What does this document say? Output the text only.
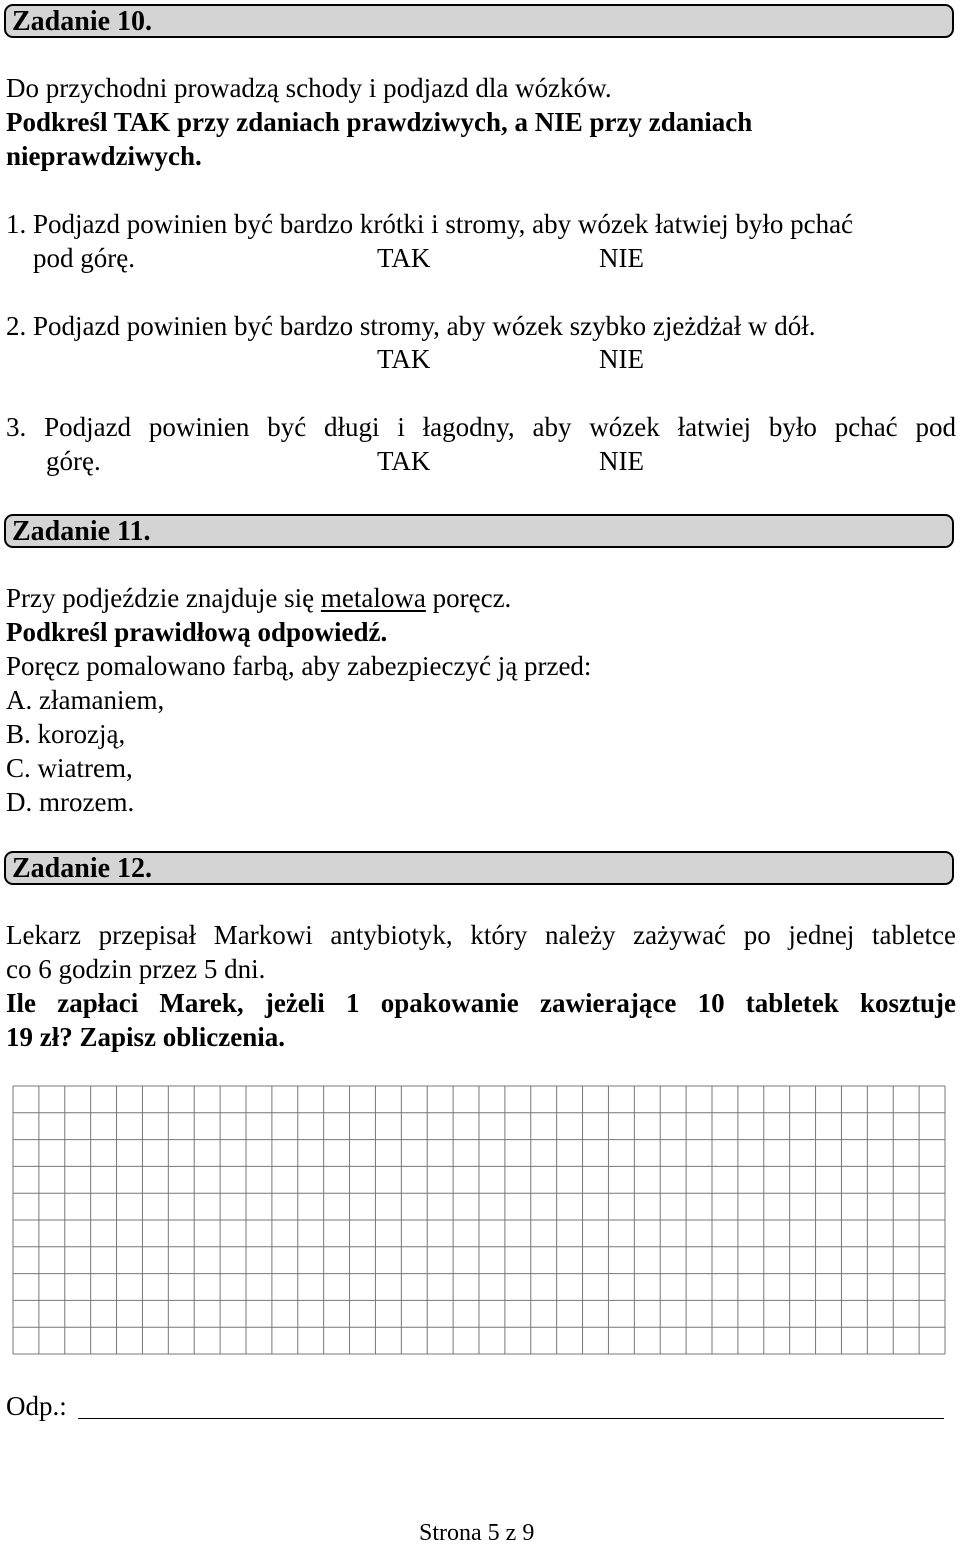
Zadanie 10.
Do przychodni prowadzą schody i podjazd dla wózków.
Podkreśl TAK przy zdaniach prawdziwych, a NIE przy zdaniach
nieprawdziwych.
1. Podjazd powinien być bardzo krótki i stromy, aby wózek łatwiej było pchać
pod górę.	TAK	NIE
2. Podjazd powinien być bardzo stromy, aby wózek szybko zjeżdżał w dół.
TAK	NIE
3. Podjazd powinien być długi i łagodny, aby wózek łatwiej było pchać pod
górę.	TAK	NIE
Zadanie 11.
Przy podjeździe znajduje się metalowa poręcz.
Podkreśl prawidłową odpowiedź.
Poręcz pomalowano farbą, aby zabezpieczyć ją przed:
A. złamaniem,
B. korozją,
C. wiatrem,
D. mrozem.
Zadanie 12.
Lekarz przepisał Markowi antybiotyk, który należy zażywać po jednej tabletce
co 6 godzin przez 5 dni.
Ile zapłaci Marek, jeżeli 1 opakowanie zawierające 10 tabletek kosztuje
19 zł? Zapisz obliczenia.
Odp.:
Strona 5 z 9
